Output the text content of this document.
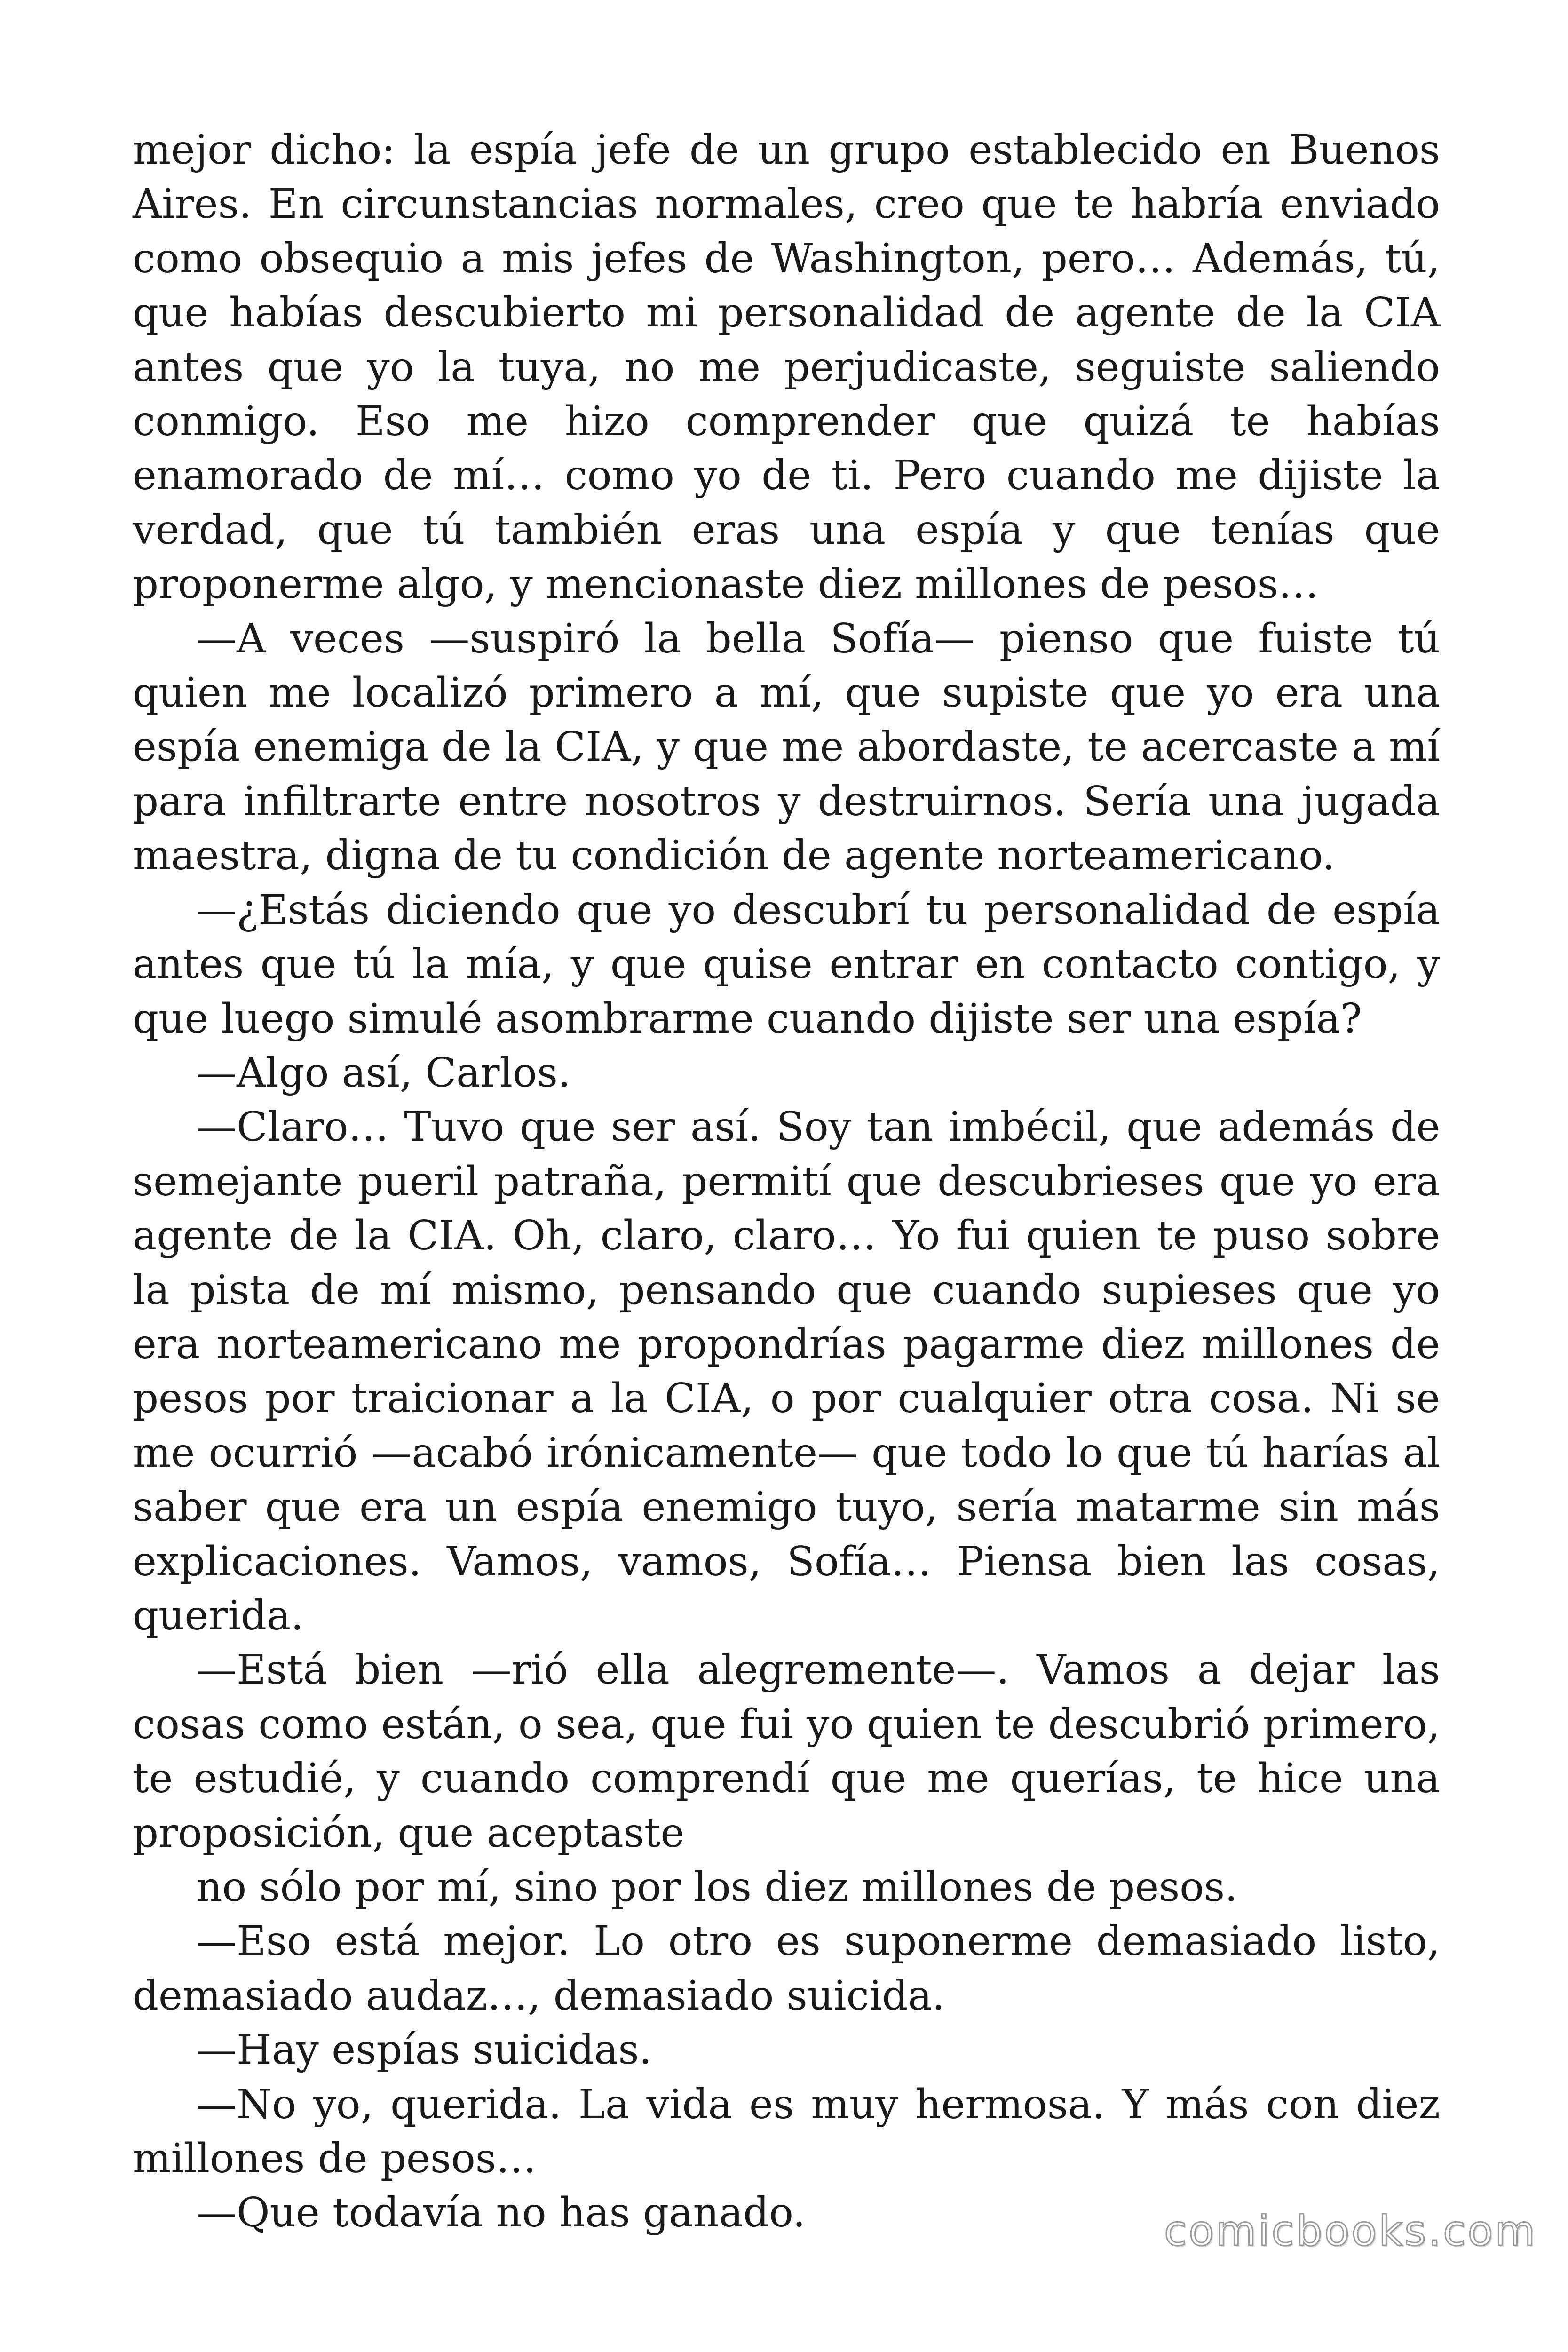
mejor dicho: la espía jefe de un grupo establecido en Buenos Aires. En circunstancias normales, creo que te habría enviado como obsequio a mis jefes de Washington, pero… Además, tú, que habías descubierto mi personalidad de agente de la CIA antes que yo la tuya, no me perjudicaste, seguiste saliendo conmigo. Eso me hizo comprender que quizá te habías enamorado de mí… como yo de ti. Pero cuando me dijiste la verdad, que tú también eras una espía y que tenías que proponerme algo, y mencionaste diez millones de pesos…

—A veces —suspiró la bella Sofía— pienso que fuiste tú quien me localizó primero a mí, que supiste que yo era una espía enemiga de la CIA, y que me abordaste, te acercaste a mí para infiltrarte entre nosotros y destruirnos. Sería una jugada maestra, digna de tu condición de agente norteamericano.

—¿Estás diciendo que yo descubrí tu personalidad de espía antes que tú la mía, y que quise entrar en contacto contigo, y que luego simulé asombrarme cuando dijiste ser una espía?

—Algo así, Carlos.

—Claro… Tuvo que ser así. Soy tan imbécil, que además de semejante pueril patraña, permití que descubrieses que yo era agente de la CIA. Oh, claro, claro… Yo fui quien te puso sobre la pista de mí mismo, pensando que cuando supieses que yo era norteamericano me propondrías pagarme diez millones de pesos por traicionar a la CIA, o por cualquier otra cosa. Ni se me ocurrió —acabó irónicamente— que todo lo que tú harías al saber que era un espía enemigo tuyo, sería matarme sin más explicaciones. Vamos, vamos, Sofía… Piensa bien las cosas, querida.

—Está bien —rió ella alegremente—. Vamos a dejar las cosas como están, o sea, que fui yo quien te descubrió primero, te estudié, y cuando comprendí que me querías, te hice una proposición, que aceptaste

no sólo por mí, sino por los diez millones de pesos.

—Eso está mejor. Lo otro es suponerme demasiado listo, demasiado audaz…, demasiado suicida.

—Hay espías suicidas.

—No yo, querida. La vida es muy hermosa. Y más con diez millones de pesos…

—Que todavía no has ganado.	comicbooks.com
